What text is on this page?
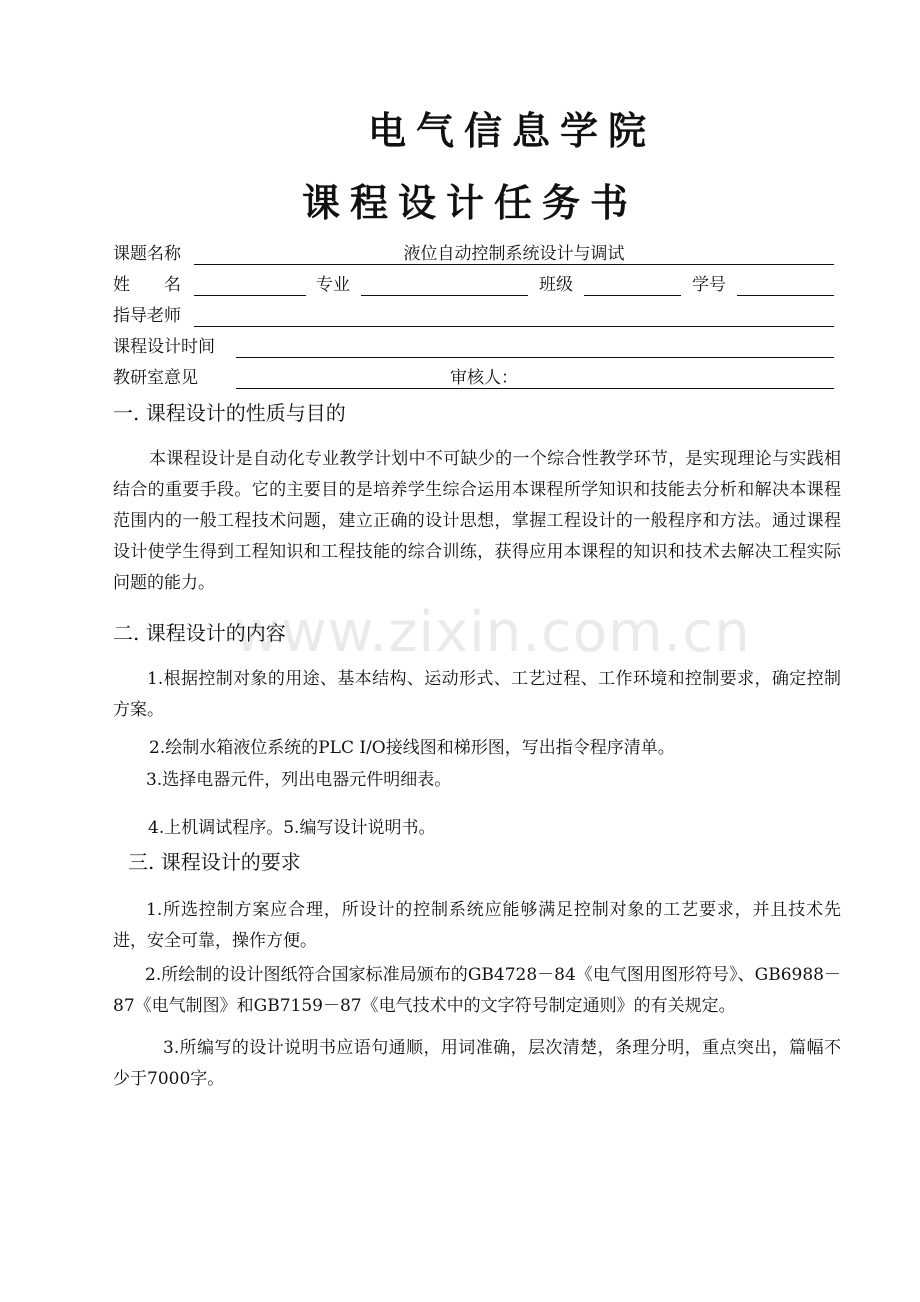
电气信息学院
课程设计任务书
课题名称	液位自动控制系统设计与调试
姓　　名	专业	班级	学号
指导老师
课程设计时间
教研室意见	审核人：
www.zixin.com.cn
一. 课程设计的性质与目的
本课程设计是自动化专业教学计划中不可缺少的一个综合性教学环节，是实现理论与实践相结合的重要手段。它的主要目的是培养学生综合运用本课程所学知识和技能去分析和解决本课程范围内的一般工程技术问题，建立正确的设计思想，掌握工程设计的一般程序和方法。通过课程设计使学生得到工程知识和工程技能的综合训练，获得应用本课程的知识和技术去解决工程实际问题的能力。
二. 课程设计的内容
1.根据控制对象的用途、基本结构、运动形式、工艺过程、工作环境和控制要求，确定控制方案。
2.绘制水箱液位系统的PLC I/O接线图和梯形图，写出指令程序清单。
3.选择电器元件，列出电器元件明细表。
4.上机调试程序。5.编写设计说明书。
三. 课程设计的要求
1.所选控制方案应合理，所设计的控制系统应能够满足控制对象的工艺要求，并且技术先进，安全可靠，操作方便。
2.所绘制的设计图纸符合国家标准局颁布的GB4728－84《电气图用图形符号》、GB6988－87《电气制图》和GB7159－87《电气技术中的文字符号制定通则》的有关规定。
3.所编写的设计说明书应语句通顺，用词准确，层次清楚，条理分明，重点突出，篇幅不少于7000字。
